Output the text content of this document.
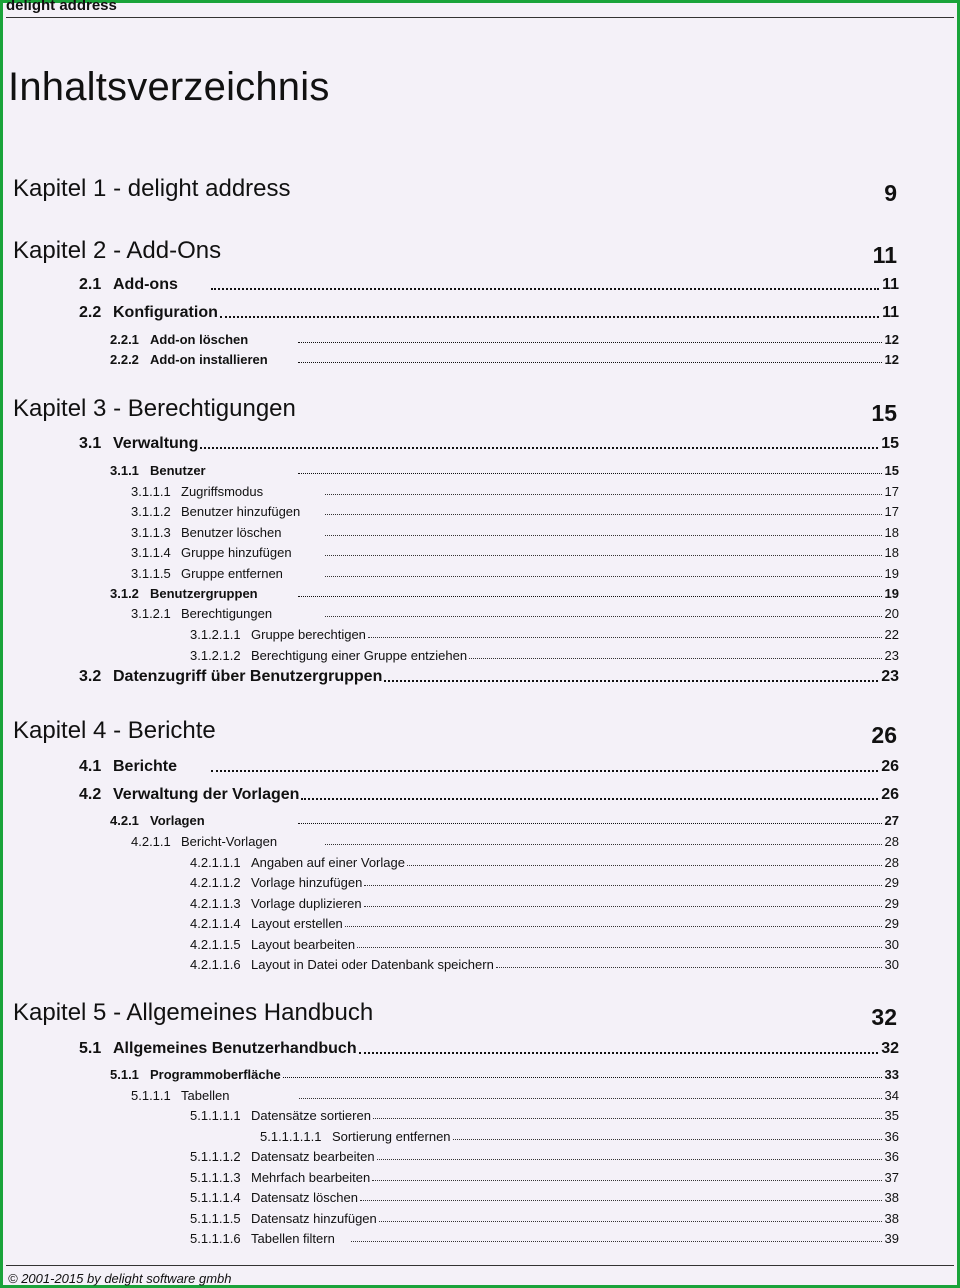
delight address
Inhaltsverzeichnis
Kapitel 1 - delight address	9
Kapitel 2 - Add-Ons	11
2.1 Add-ons	11
2.2 Konfiguration	11
2.2.1 Add-on löschen	12
2.2.2 Add-on installieren	12
Kapitel 3 - Berechtigungen	15
3.1 Verwaltung	15
3.1.1 Benutzer	15
3.1.1.1 Zugriffsmodus	17
3.1.1.2 Benutzer hinzufügen	17
3.1.1.3 Benutzer löschen	18
3.1.1.4 Gruppe hinzufügen	18
3.1.1.5 Gruppe entfernen	19
3.1.2 Benutzergruppen	19
3.1.2.1 Berechtigungen	20
3.1.2.1.1 Gruppe berechtigen	22
3.1.2.1.2 Berechtigung einer Gruppe entziehen	23
3.2 Datenzugriff über Benutzergruppen	23
Kapitel 4 - Berichte	26
4.1 Berichte	26
4.2 Verwaltung der Vorlagen	26
4.2.1 Vorlagen	27
4.2.1.1 Bericht-Vorlagen	28
4.2.1.1.1 Angaben auf einer Vorlage	28
4.2.1.1.2 Vorlage hinzufügen	29
4.2.1.1.3 Vorlage duplizieren	29
4.2.1.1.4 Layout erstellen	29
4.2.1.1.5 Layout bearbeiten	30
4.2.1.1.6 Layout in Datei oder Datenbank speichern	30
Kapitel 5 - Allgemeines Handbuch	32
5.1 Allgemeines Benutzerhandbuch	32
5.1.1 Programmoberfläche	33
5.1.1.1 Tabellen	34
5.1.1.1.1 Datensätze sortieren	35
5.1.1.1.1.1 Sortierung entfernen	36
5.1.1.1.2 Datensatz bearbeiten	36
5.1.1.1.3 Mehrfach bearbeiten	37
5.1.1.1.4 Datensatz löschen	38
5.1.1.1.5 Datensatz hinzufügen	38
5.1.1.1.6 Tabellen filtern	39
© 2001-2015 by delight software gmbh
